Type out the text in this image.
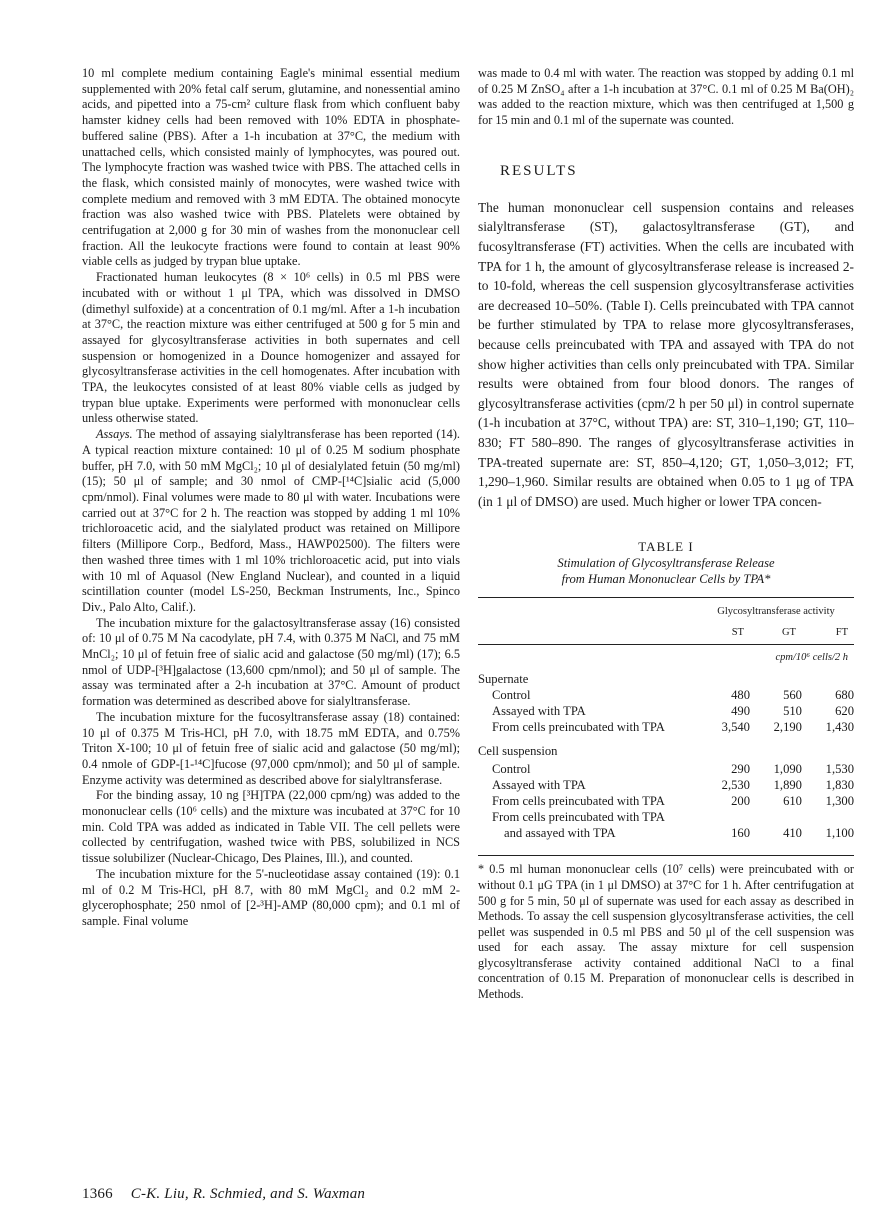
10 ml complete medium containing Eagle's minimal essential medium supplemented with 20% fetal calf serum, glutamine, and nonessential amino acids, and pipetted into a 75-cm² culture flask from which confluent baby hamster kidney cells had been removed with 10% EDTA in phosphate-buffered saline (PBS). After a 1-h incubation at 37°C, the medium with unattached cells, which consisted mainly of lymphocytes, was poured out. The lymphocyte fraction was washed twice with PBS. The attached cells in the flask, which consisted mainly of monocytes, were washed twice with complete medium and removed with 3 mM EDTA. The obtained monocyte fraction was also washed twice with PBS. Platelets were obtained by centrifugation at 2,000 g for 30 min of washes from the mononuclear cell fraction. All the leukocyte fractions were found to contain at least 90% viable cells as judged by trypan blue uptake.

Fractionated human leukocytes (8 × 10⁶ cells) in 0.5 ml PBS were incubated with or without 1 μl TPA, which was dissolved in DMSO (dimethyl sulfoxide) at a concentration of 0.1 mg/ml. After a 1-h incubation at 37°C, the reaction mixture was either centrifuged at 500 g for 5 min and assayed for glycosyltransferase activities in both supernates and cell suspension or homogenized in a Dounce homogenizer and assayed for glycosyltransferase activities in the cell homogenates. After incubation with TPA, the leukocytes consisted of at least 80% viable cells as judged by trypan blue uptake. Experiments were performed with mononuclear cells unless otherwise stated.

Assays. The method of assaying sialyltransferase has been reported (14). A typical reaction mixture contained: 10 μl of 0.25 M sodium phosphate buffer, pH 7.0, with 50 mM MgCl₂; 10 μl of desialylated fetuin (50 mg/ml) (15); 50 μl of sample; and 30 nmol of CMP-[¹⁴C]sialic acid (5,000 cpm/nmol). Final volumes were made to 80 μl with water. Incubations were carried out at 37°C for 2 h. The reaction was stopped by adding 1 ml 10% trichloroacetic acid, and the sialylated product was retained on Millipore filters (Millipore Corp., Bedford, Mass., HAWP02500). The filters were then washed three times with 1 ml 10% trichloroacetic acid, put into vials with 10 ml of Aquasol (New England Nuclear), and counted in a liquid scintillation counter (model LS-250, Beckman Instruments, Inc., Spinco Div., Palo Alto, Calif.).

The incubation mixture for the galactosyltransferase assay (16) consisted of: 10 μl of 0.75 M Na cacodylate, pH 7.4, with 0.375 M NaCl, and 75 mM MnCl₂; 10 μl of fetuin free of sialic acid and galactose (50 mg/ml) (17); 6.5 nmol of UDP-[³H]galactose (13,600 cpm/nmol); and 50 μl of sample. The assay was terminated after a 2-h incubation at 37°C. Amount of product formation was determined as described above for sialyltransferase.

The incubation mixture for the fucosyltransferase assay (18) contained: 10 μl of 0.375 M Tris-HCl, pH 7.0, with 18.75 mM EDTA, and 0.75% Triton X-100; 10 μl of fetuin free of sialic acid and galactose (50 mg/ml); 0.4 nmole of GDP-[1-¹⁴C]fucose (97,000 cpm/nmol); and 50 μl of sample. Enzyme activity was determined as described above for sialyltransferase.

For the binding assay, 10 ng [³H]TPA (22,000 cpm/ng) was added to the mononuclear cells (10⁶ cells) and the mixture was incubated at 37°C for 10 min. Cold TPA was added as indicated in Table VII. The cell pellets were collected by centrifugation, washed twice with PBS, solubilized in NCS tissue solubilizer (Nuclear-Chicago, Des Plaines, Ill.), and counted.

The incubation mixture for the 5'-nucleotidase assay contained (19): 0.1 ml of 0.2 M Tris-HCl, pH 8.7, with 80 mM MgCl₂ and 0.2 mM 2-glycerophosphate; 250 nmol of [2-³H]-AMP (80,000 cpm); and 0.1 ml of sample. Final volume

was made to 0.4 ml with water. The reaction was stopped by adding 0.1 ml of 0.25 M ZnSO₄ after a 1-h incubation at 37°C. 0.1 ml of 0.25 M Ba(OH)₂ was added to the reaction mixture, which was then centrifuged at 1,500 g for 15 min and 0.1 ml of the supernate was counted.

RESULTS

The human mononuclear cell suspension contains and releases sialyltransferase (ST), galactosyltransferase (GT), and fucosyltransferase (FT) activities. When the cells are incubated with TPA for 1 h, the amount of glycosyltransferase release is increased 2- to 10-fold, whereas the cell suspension glycosyltransferase activities are decreased 10–50%. (Table I). Cells preincubated with TPA cannot be further stimulated by TPA to relase more glycosyltransferases, because cells preincubated with TPA and assayed with TPA do not show higher activities than cells only preincubated with TPA. Similar results were obtained from four blood donors. The ranges of glycosyltransferase activities (cpm/2 h per 50 μl) in control supernate (1-h incubation at 37°C, without TPA) are: ST, 310–1,190; GT, 110–830; FT 580–890. The ranges of glycosyltransferase activities in TPA-treated supernate are: ST, 850–4,120; GT, 1,050–3,012; FT, 1,290–1,960. Similar results are obtained when 0.05 to 1 μg of TPA (in 1 μl of DMSO) are used. Much higher or lower TPA concen-

TABLE I
Stimulation of Glycosyltransferase Release
from Human Mononuclear Cells by TPA*
	Glycosyltransferase activity		
	ST	GT	FT
	cpm/10⁶ cells/2 h		
Supernate			
Control	480	560	680
Assayed with TPA	490	510	620
From cells preincubated with TPA	3,540	2,190	1,430
Cell suspension			
Control	290	1,090	1,530
Assayed with TPA	2,530	1,890	1,830
From cells preincubated with TPA	200	610	1,300
From cells preincubated with TPA			
and assayed with TPA	160	410	1,100

* 0.5 ml human mononuclear cells (10⁷ cells) were preincubated with or without 0.1 μG TPA (in 1 μl DMSO) at 37°C for 1 h. After centrifugation at 500 g for 5 min, 50 μl of supernate was used for each assay as described in Methods. To assay the cell suspension glycosyltransferase activities, the cell pellet was suspended in 0.5 ml PBS and 50 μl of the cell suspension was used for each assay. The assay mixture for cell suspension glycosyltransferase activity contained additional NaCl to a final concentration of 0.15 M. Preparation of mononuclear cells is described in Methods.

1366 C-K. Liu, R. Schmied, and S. Waxman
